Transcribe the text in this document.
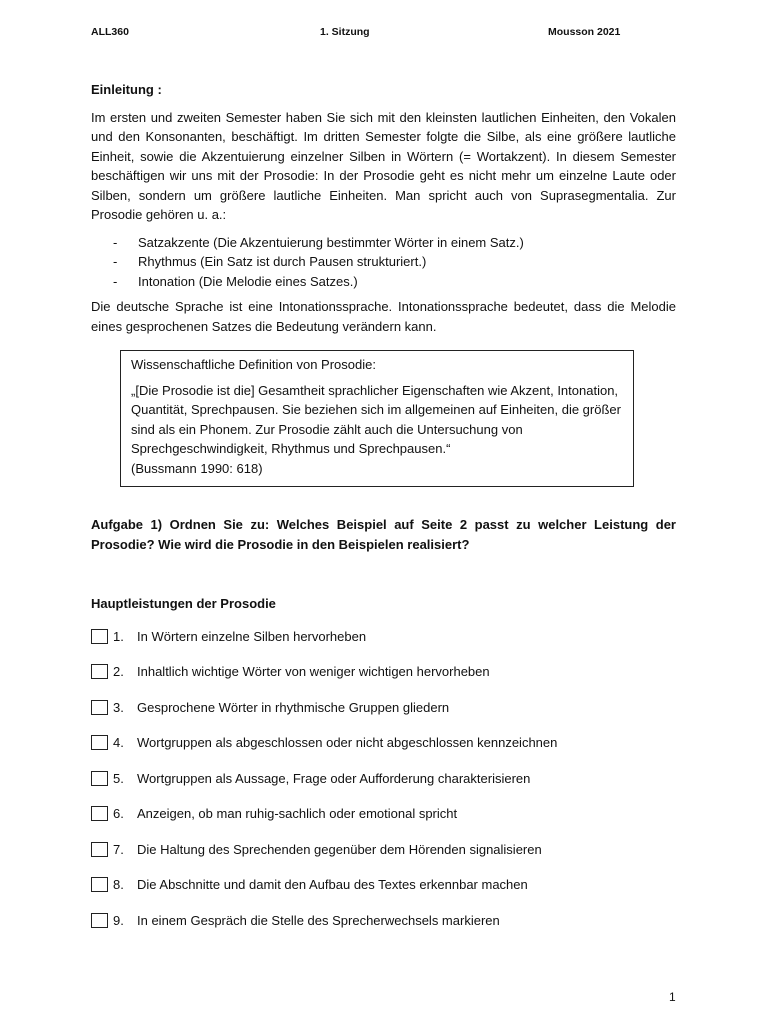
ALL360	1. Sitzung	Mousson 2021

Einleitung :

Im ersten und zweiten Semester haben Sie sich mit den kleinsten lautlichen Einheiten, den Vokalen und den Konsonanten, beschäftigt. Im dritten Semester folgte die Silbe, als eine größere lautliche Einheit, sowie die Akzentuierung einzelner Silben in Wörtern (= Wortakzent). In diesem Semester beschäftigen wir uns mit der Prosodie: In der Prosodie geht es nicht mehr um einzelne Laute oder Silben, sondern um größere lautliche Einheiten. Man spricht auch von Suprasegmentalia. Zur Prosodie gehören u. a.:

- Satzakzente (Die Akzentuierung bestimmter Wörter in einem Satz.)
- Rhythmus (Ein Satz ist durch Pausen strukturiert.)
- Intonation (Die Melodie eines Satzes.)

Die deutsche Sprache ist eine Intonationssprache. Intonationssprache bedeutet, dass die Melodie eines gesprochenen Satzes die Bedeutung verändern kann.

Wissenschaftliche Definition von Prosodie:

„[Die Prosodie ist die] Gesamtheit sprachlicher Eigenschaften wie Akzent, Intonation, Quantität, Sprechpausen. Sie beziehen sich im allgemeinen auf Einheiten, die größer sind als ein Phonem. Zur Prosodie zählt auch die Untersuchung von Sprechgeschwindigkeit, Rhythmus und Sprechpausen.“

(Bussmann 1990: 618)

Aufgabe 1) Ordnen Sie zu: Welches Beispiel auf Seite 2 passt zu welcher Leistung der Prosodie? Wie wird die Prosodie in den Beispielen realisiert?

Hauptleistungen der Prosodie

1. In Wörtern einzelne Silben hervorheben
2. Inhaltlich wichtige Wörter von weniger wichtigen hervorheben
3. Gesprochene Wörter in rhythmische Gruppen gliedern
4. Wortgruppen als abgeschlossen oder nicht abgeschlossen kennzeichnen
5. Wortgruppen als Aussage, Frage oder Aufforderung charakterisieren
6. Anzeigen, ob man ruhig-sachlich oder emotional spricht
7. Die Haltung des Sprechenden gegenüber dem Hörenden signalisieren
8. Die Abschnitte und damit den Aufbau des Textes erkennbar machen
9. In einem Gespräch die Stelle des Sprecherwechsels markieren
1
